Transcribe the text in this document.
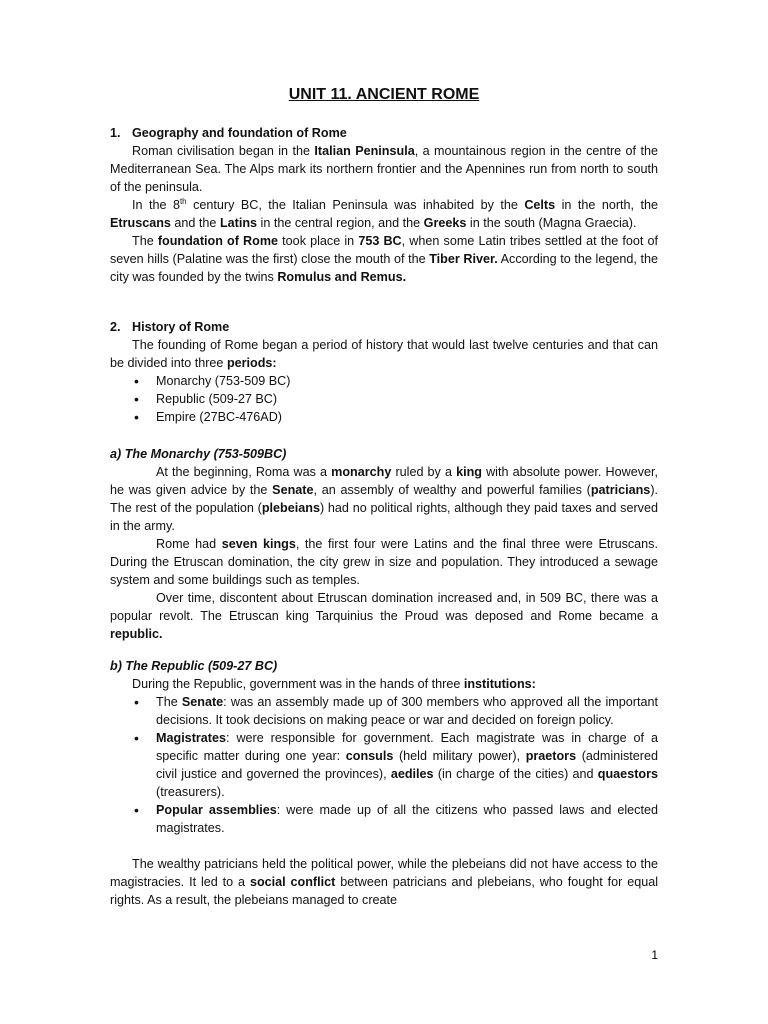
UNIT 11. ANCIENT ROME

1. Geography and foundation of Rome

Roman civilisation began in the Italian Peninsula, a mountainous region in the centre of the Mediterranean Sea. The Alps mark its northern frontier and the Apennines run from north to south of the peninsula.

In the 8th century BC, the Italian Peninsula was inhabited by the Celts in the north, the Etruscans and the Latins in the central region, and the Greeks in the south (Magna Graecia).

The foundation of Rome took place in 753 BC, when some Latin tribes settled at the foot of seven hills (Palatine was the first) close the mouth of the Tiber River. According to the legend, the city was founded by the twins Romulus and Remus.

2. History of Rome

The founding of Rome began a period of history that would last twelve centuries and that can be divided into three periods:

• Monarchy (753-509 BC)
• Republic (509-27 BC)
• Empire (27BC-476AD)

a) The Monarchy (753-509BC)

At the beginning, Roma was a monarchy ruled by a king with absolute power. However, he was given advice by the Senate, an assembly of wealthy and powerful families (patricians). The rest of the population (plebeians) had no political rights, although they paid taxes and served in the army.

Rome had seven kings, the first four were Latins and the final three were Etruscans. During the Etruscan domination, the city grew in size and population. They introduced a sewage system and some buildings such as temples.

Over time, discontent about Etruscan domination increased and, in 509 BC, there was a popular revolt. The Etruscan king Tarquinius the Proud was deposed and Rome became a republic.

b) The Republic (509-27 BC)

During the Republic, government was in the hands of three institutions:

• The Senate: was an assembly made up of 300 members who approved all the important decisions. It took decisions on making peace or war and decided on foreign policy.
• Magistrates: were responsible for government. Each magistrate was in charge of a specific matter during one year: consuls (held military power), praetors (administered civil justice and governed the provinces), aediles (in charge of the cities) and quaestors (treasurers).
• Popular assemblies: were made up of all the citizens who passed laws and elected magistrates.

The wealthy patricians held the political power, while the plebeians did not have access to the magistracies. It led to a social conflict between patricians and plebeians, who fought for equal rights. As a result, the plebeians managed to create

1
